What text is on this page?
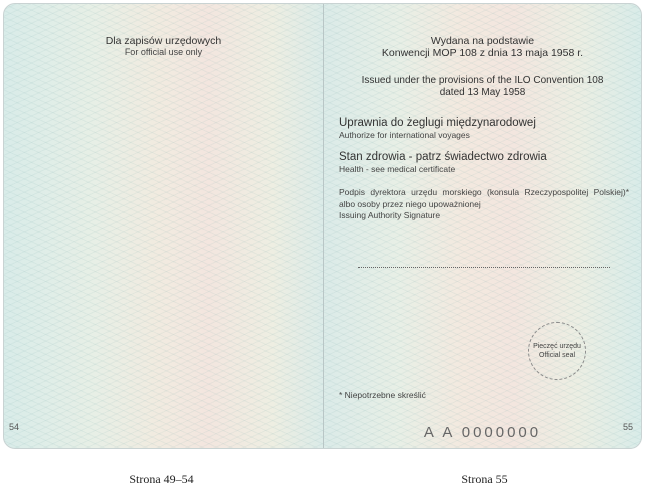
Dla zapisów urzędowych
For official use only
54
Wydana na podstawie
Konwencji MOP 108 z dnia 13 maja 1958 r.
Issued under the provisions of the ILO Convention 108
dated 13 May 1958
Uprawnia do żeglugi międzynarodowej
Authorize for international voyages
Stan zdrowia - patrz świadectwo zdrowia
Health - see medical certificate
Podpis dyrektora urzędu morskiego (konsula Rzeczypospolitej Polskiej)* albo osoby przez niego upoważnionej
Issuing Authority Signature
Pieczęć urzędu
Official seal
* Niepotrzebne skreślić
A A 0000000	55
Strona 49–54	Strona 55
